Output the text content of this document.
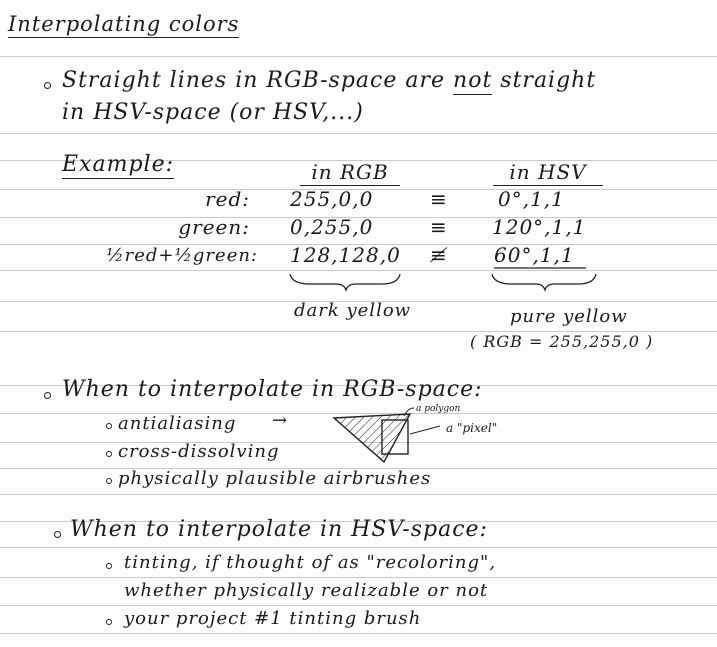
Interpolating colors
Straight lines in RGB-space are not straight
in HSV-space (or HSV,...)
Example:	in RGB	in HSV
red: 255,0,0	≡	0°,1,1
green: 0,255,0	≡ 120°,1,1
½red+½green: 128,128,0 ≢ 60°,1,1
dark yellow	pure yellow
( RGB = 255,255,0 )
When to interpolate in RGB-space:
antialiasing →
cross-dissolving
physically plausible airbrushes
a polygon
a "pixel"
When to interpolate in HSV-space:
tinting, if thought of as "recoloring",
whether physically realizable or not
your project #1 tinting brush
